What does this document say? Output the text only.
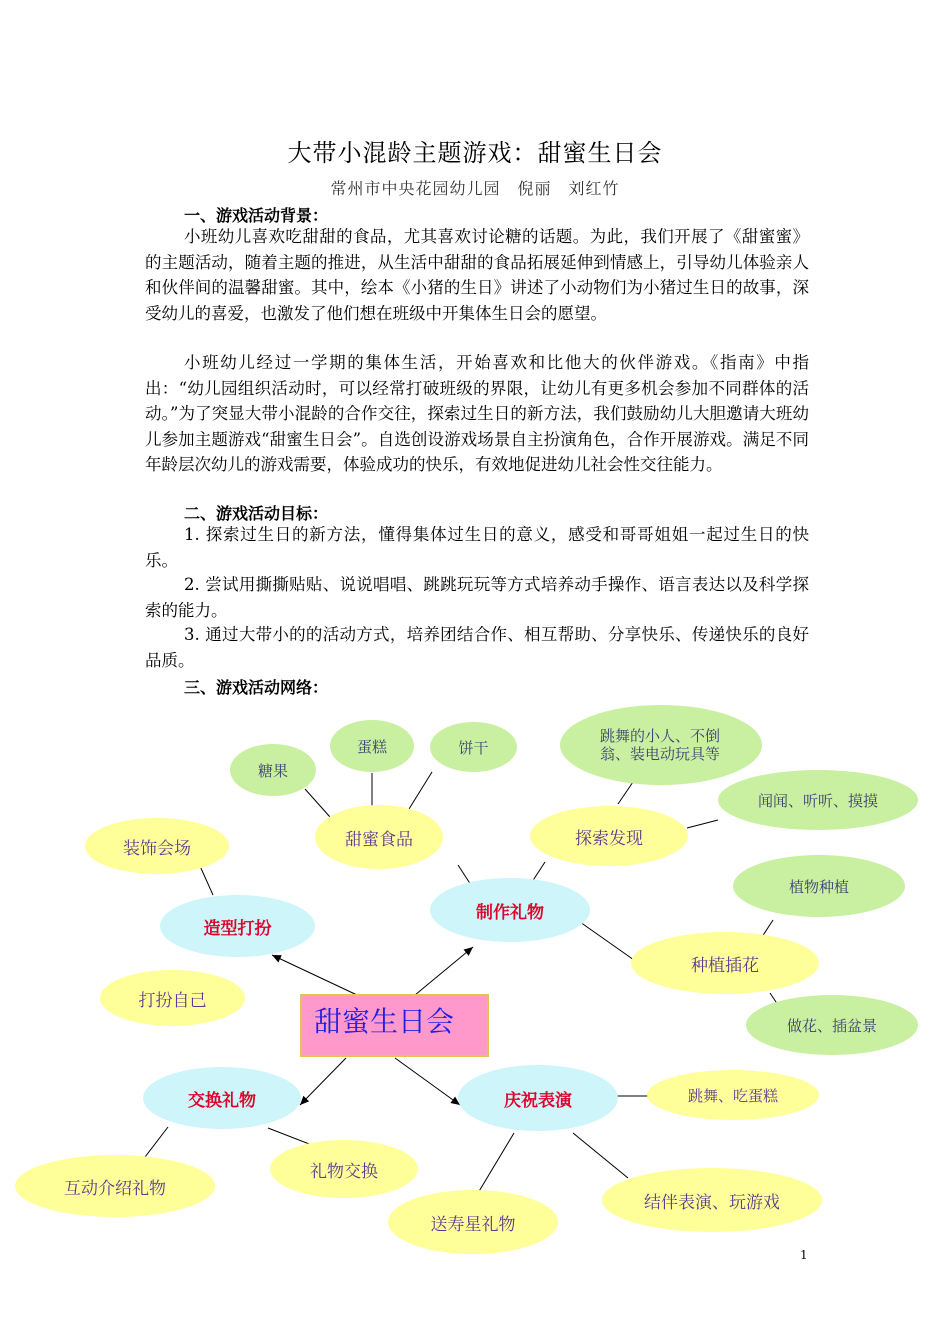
大带小混龄主题游戏：甜蜜生日会
常州市中央花园幼儿园　倪丽　刘红竹
一、游戏活动背景：

小班幼儿喜欢吃甜甜的食品，尤其喜欢讨论糖的话题。为此，我们开展了《甜蜜蜜》的主题活动，随着主题的推进，从生活中甜甜的食品拓展延伸到情感上，引导幼儿体验亲人和伙伴间的温馨甜蜜。其中，绘本《小猪的生日》讲述了小动物们为小猪过生日的故事，深受幼儿的喜爱，也激发了他们想在班级中开集体生日会的愿望。

小班幼儿经过一学期的集体生活，开始喜欢和比他大的伙伴游戏。《指南》中指出：“幼儿园组织活动时，可以经常打破班级的界限，让幼儿有更多机会参加不同群体的活动。”为了突显大带小混龄的合作交往，探索过生日的新方法，我们鼓励幼儿大胆邀请大班幼儿参加主题游戏“甜蜜生日会”。自选创设游戏场景自主扮演角色，合作开展游戏。满足不同年龄层次幼儿的游戏需要，体验成功的快乐，有效地促进幼儿社会性交往能力。

二、游戏活动目标：

1. 探索过生日的新方法，懂得集体过生日的意义，感受和哥哥姐姐一起过生日的快乐。

2. 尝试用撕撕贴贴、说说唱唱、跳跳玩玩等方式培养动手操作、语言表达以及科学探索的能力。

3. 通过大带小的的活动方式，培养团结合作、相互帮助、分享快乐、传递快乐的良好品质。

三、游戏活动网络：
甜蜜生日会
造型打扮
制作礼物
交换礼物	庆祝表演
装饰会场
打扮自己
甜蜜食品	探索发现
种植插花
互动介绍礼物
礼物交换
送寿星礼物
跳舞、吃蛋糕
结伴表演、玩游戏
糖果
蛋糕	饼干
跳舞的小人、不倒翁、装电动玩具等
闻闻、听听、摸摸
植物种植
做花、插盆景
1
